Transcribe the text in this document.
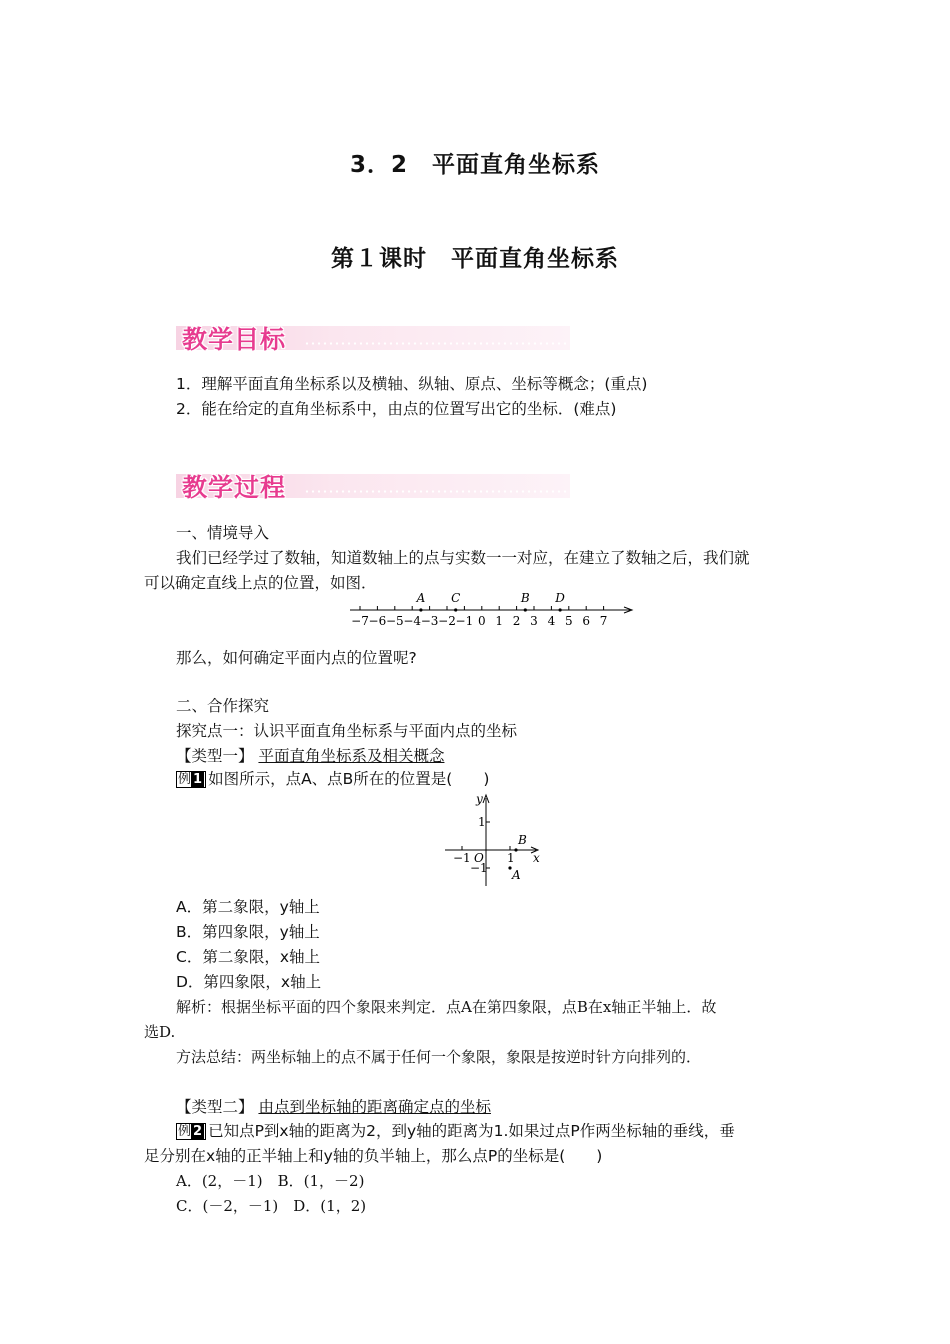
3．2　平面直角坐标系
第１课时　平面直角坐标系
教学目标
1．理解平面直角坐标系以及横轴、纵轴、原点、坐标等概念；(重点)
2．能在给定的直角坐标系中，由点的位置写出它的坐标．(难点)
教学过程
一、情境导入
我们已经学过了数轴，知道数轴上的点与实数一一对应，在建立了数轴之后，我们就
可以确定直线上点的位置，如图．
−7 −6 −5 −4 −3 −2 −1 0 1 2 3 4 5 6 7
A C	B D
那么，如何确定平面内点的位置呢?
二、合作探究
探究点一：认识平面直角坐标系与平面内点的坐标
【类型一】 平面直角坐标系及相关概念
例 1 如图所示，点A、点B所在的位置是(　　)
y
x
O
1
−1
−1	1
A
B
A．第二象限，y轴上
B．第四象限，y轴上
C．第二象限，x轴上
D．第四象限，x轴上
解析：根据坐标平面的四个象限来判定．点A在第四象限，点B在x轴正半轴上．故
选D.
方法总结：两坐标轴上的点不属于任何一个象限，象限是按逆时针方向排列的．
【类型二】 由点到坐标轴的距离确定点的坐标
例 2 已知点P到x轴的距离为2，到y轴的距离为1.如果过点P作两坐标轴的垂线，垂
足分别在x轴的正半轴上和y轴的负半轴上，那么点P的坐标是(　　)
A．(2，－1)　B．(1，－2)
C．(－2，－1)　D．(1，2)
